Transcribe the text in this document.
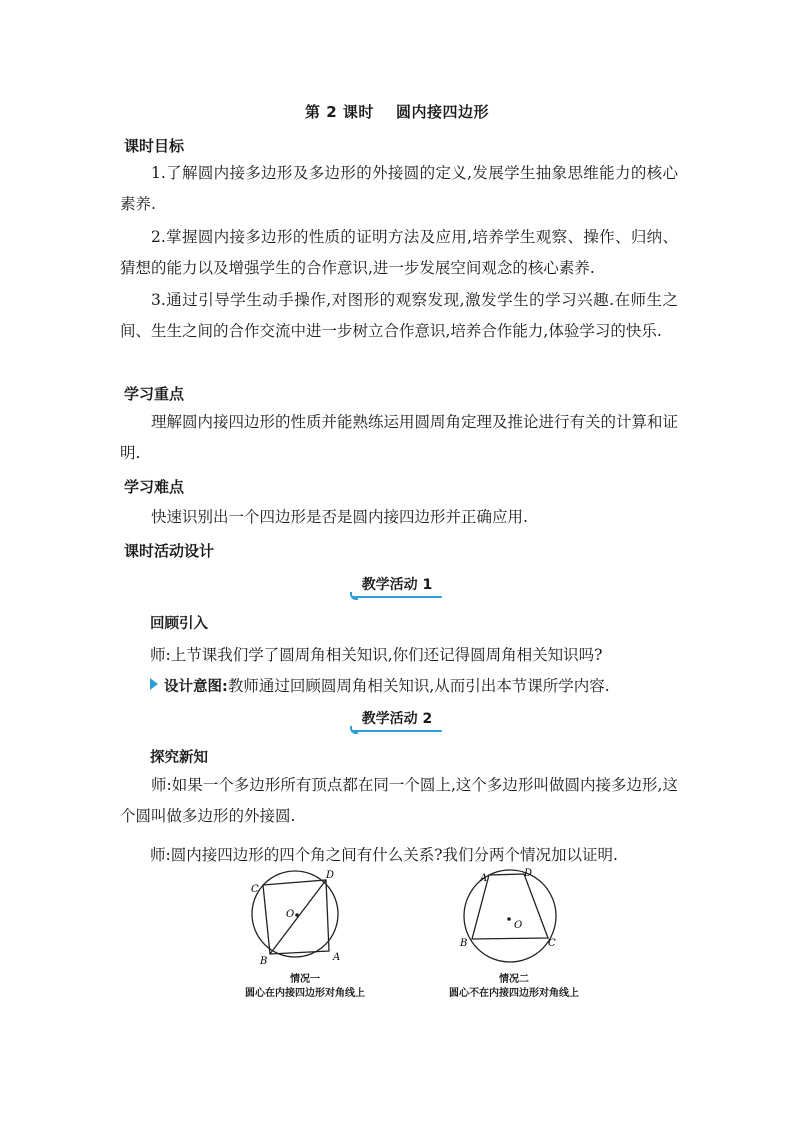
第 2 课时 圆内接四边形
课时目标
1.了解圆内接多边形及多边形的外接圆的定义,发展学生抽象思维能力的核心素养.
2.掌握圆内接多边形的性质的证明方法及应用,培养学生观察、操作、归纳、猜想的能力以及增强学生的合作意识,进一步发展空间观念的核心素养.
3.通过引导学生动手操作,对图形的观察发现,激发学生的学习兴趣.在师生之间、生生之间的合作交流中进一步树立合作意识,培养合作能力,体验学习的快乐.
学习重点
理解圆内接四边形的性质并能熟练运用圆周角定理及推论进行有关的计算和证明.
学习难点
快速识别出一个四边形是否是圆内接四边形并正确应用.
课时活动设计
教学活动 1
回顾引入
师:上节课我们学了圆周角相关知识,你们还记得圆周角相关知识吗?
设计意图:教师通过回顾圆周角相关知识,从而引出本节课所学内容.
教学活动 2
探究新知
师:如果一个多边形所有顶点都在同一个圆上,这个多边形叫做圆内接多边形,这个圆叫做多边形的外接圆.
师:圆内接四边形的四个角之间有什么关系?我们分两个情况加以证明.
C
D
O
B	A
情况一
圆心在内接四边形对角线上
A	D
O
B	C
情况二
圆心不在内接四边形对角线上
